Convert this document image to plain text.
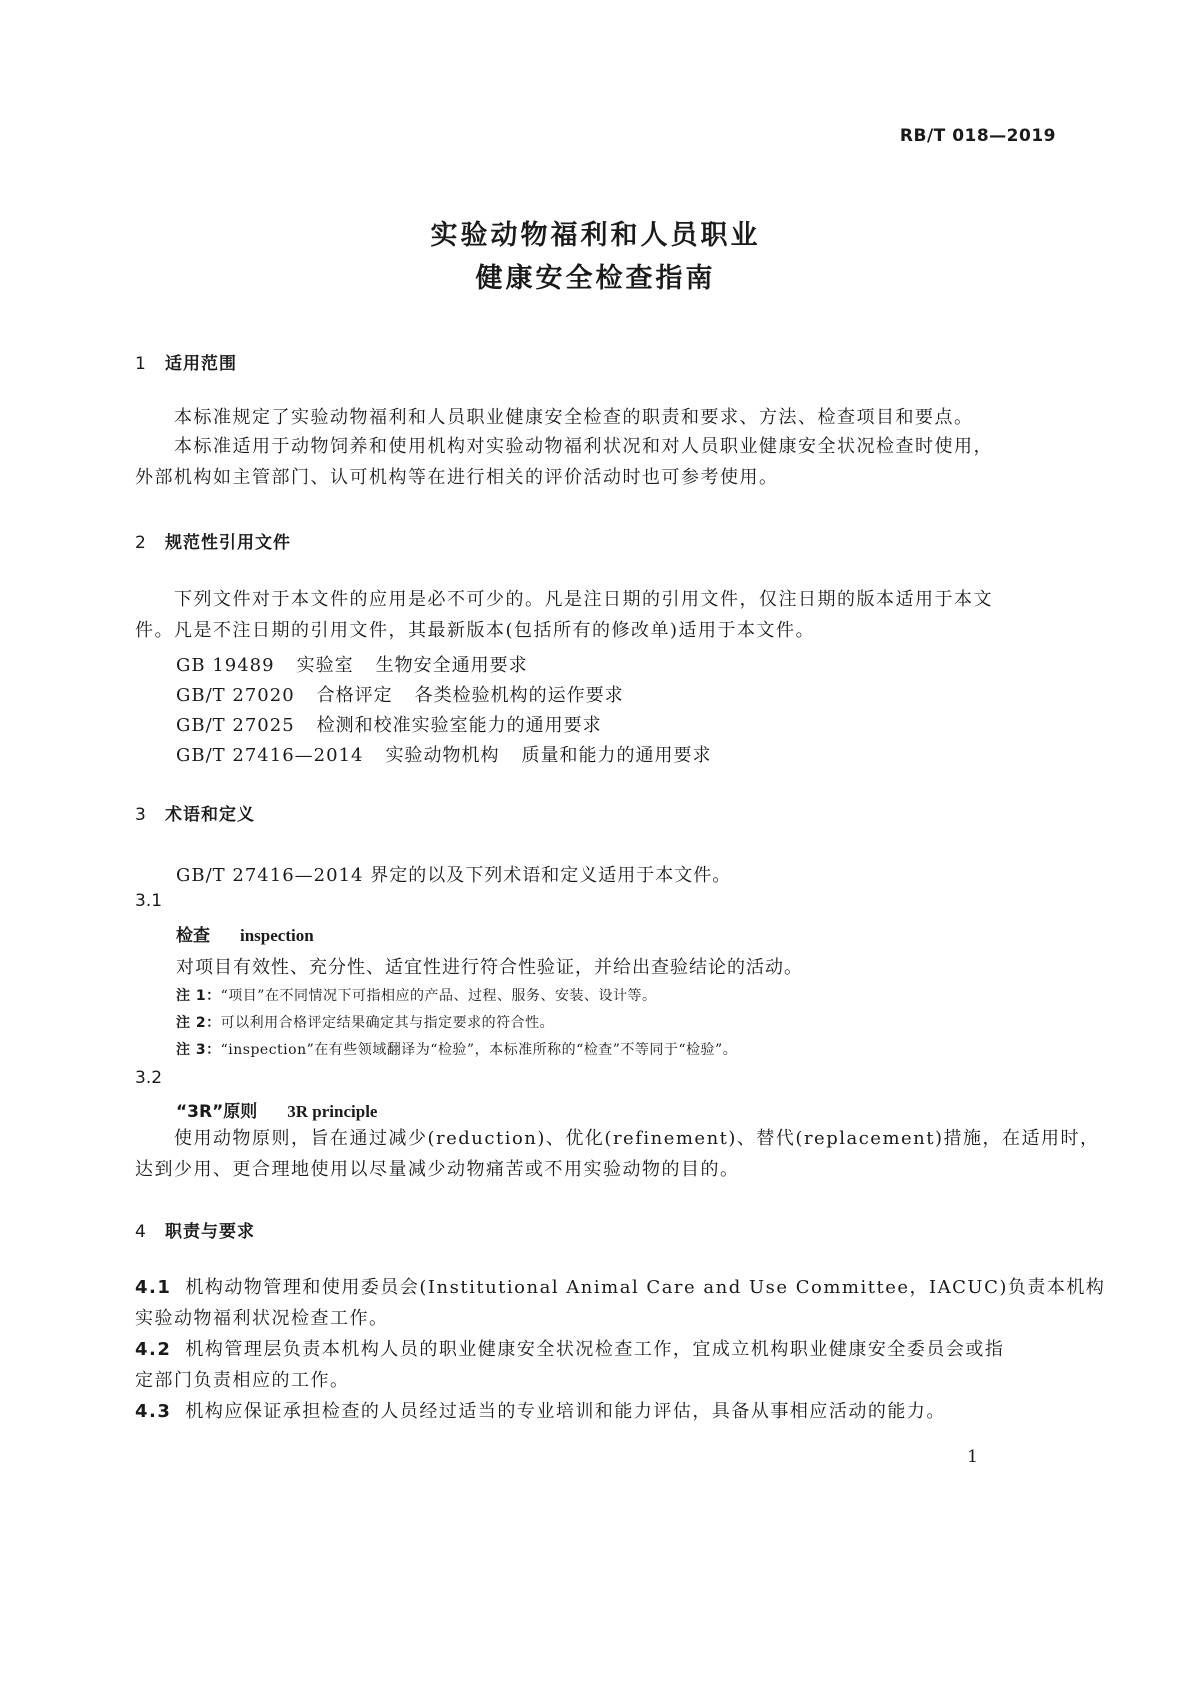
RB/T 018—2019
实验动物福利和人员职业
健康安全检查指南
1 适用范围
本标准规定了实验动物福利和人员职业健康安全检查的职责和要求、方法、检查项目和要点。
本标准适用于动物饲养和使用机构对实验动物福利状况和对人员职业健康安全状况检查时使用，
外部机构如主管部门、认可机构等在进行相关的评价活动时也可参考使用。
2 规范性引用文件
下列文件对于本文件的应用是必不可少的。凡是注日期的引用文件，仅注日期的版本适用于本文
件。凡是不注日期的引用文件，其最新版本(包括所有的修改单)适用于本文件。
GB 19489 实验室 生物安全通用要求
GB/T 27020 合格评定 各类检验机构的运作要求
GB/T 27025 检测和校准实验室能力的通用要求
GB/T 27416—2014 实验动物机构 质量和能力的通用要求
3 术语和定义
GB/T 27416—2014 界定的以及下列术语和定义适用于本文件。
3.1
检查 inspection
对项目有效性、充分性、适宜性进行符合性验证，并给出查验结论的活动。
注 1：“项目”在不同情况下可指相应的产品、过程、服务、安装、设计等。
注 2：可以利用合格评定结果确定其与指定要求的符合性。
注 3：“inspection”在有些领域翻译为“检验”，本标准所称的“检查”不等同于“检验”。
3.2
“3R”原则 3R principle
使用动物原则，旨在通过减少(reduction)、优化(refinement)、替代(replacement)措施，在适用时，
达到少用、更合理地使用以尽量减少动物痛苦或不用实验动物的目的。
4 职责与要求
4.1 机构动物管理和使用委员会(Institutional Animal Care and Use Committee，IACUC)负责本机构
实验动物福利状况检查工作。
4.2 机构管理层负责本机构人员的职业健康安全状况检查工作，宜成立机构职业健康安全委员会或指
定部门负责相应的工作。
4.3 机构应保证承担检查的人员经过适当的专业培训和能力评估，具备从事相应活动的能力。
1
